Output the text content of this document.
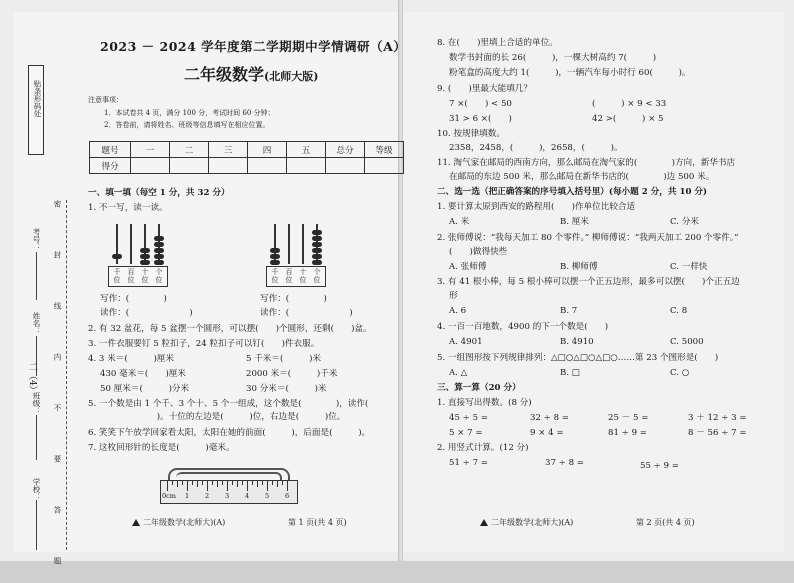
贴条形码处
密　封　线　内　不　要　答　题
考号：
姓名：
班级：
二（4）
学校：
2023 － 2024 学年度第二学期期中学情调研（A）
二年级数学(北师大版)
注意事项：
1．本试卷共 4 页，满分 100 分，考试时间 60 分钟；
2．答卷前，请将姓名、班级等信息填写在相应位置。
题号	一	二	三	四	五	总分	等级
得分							
一、填一填（每空 1 分，共 32 分）
1. 不一写，读一读。
千位
百位
十位
个位
千位
百位
十位
个位
写作：(　　　　)	写作：(　　　　)
读作：(　　　　　　　)	读作：(　　　　　　　)
2. 有 32 盆花，每 5 盆摆一个圆形，可以摆(　　)个圆形，还剩(　　)盆。
3. 一件衣服要钉 5 粒扣子，24 粒扣子可以钉(　　)件衣服。
4. 3 米＝(　　　)厘米	5 千米＝(　　　)米
430 毫米＝(　　)厘米	2000 米＝(　　　)千米
50 厘米＝(　　　)分米	30 分米＝(　　　)米
5. 一个数是由 1 个千、3 个十、5 个一组成，这个数是(　　　　)，读作(
　　　　　　　　)。十位的左边是(　　　)位，右边是(　　　)位。
6. 笑笑下午放学回家看太阳，太阳在她的前面(　　　)，后面是(　　　)。
7. 这枚回形针的长度是(　　　)毫米。
0cm 1 2 3 4 5 6
二年级数学(北师大)(A)	第 1 页(共 4 页)
8. 在(　　)里填上合适的单位。
数学书封面的长 26(　　　)，一棵大树高约 7(　　　)
粉笔盒的高度大约 1(　　　)，一辆汽车每小时行 60(　　　)。
9. (　　)里最大能填几？
7 ×(　　) < 50	(　　　) × 9 < 33
31 > 6 ×(　　)	42 >(　　　) × 5
10. 按规律填数。
2358，2458，(　　　)，2658，(　　　)。
11. 淘气家在邮局的西南方向，那么邮局在淘气家的(　　　　)方向，新华书店
在邮局的东边 500 米，那么邮局在新华书店的(　　　　)边 500 米。
二、选一选（把正确答案的序号填入括号里）(每小题 2 分，共 10 分)
1. 要计算太原到西安的路程用(　　)作单位比较合适
A. 米	B. 厘米	C. 分米
2. 张师傅说：“我每天加工 80 个零件。” 柳师傅说：“我两天加工 200 个零件。”
(　　)做得快些
A. 张师傅	B. 柳师傅	C. 一样快
3. 有 41 根小棒，每 5 根小棒可以摆一个正五边形，最多可以摆(　　)个正五边
形
A. 6	B. 7	C. 8
4. 一百一百地数，4900 的下一个数是(　　)
A. 4901	B. 4910	C. 5000
5. 一组图形按下列规律排列：△□○△□○△□○……第 23 个图形是(　　)
A. △	B. □	C. ○
三、算一算（20 分）
1. 直接写出得数。(8 分)
45 ÷ 5 =	32 ÷ 8 =	25 － 5 =	3 ＋ 12 ÷ 3 =
5 × 7 =	9 × 4 =	81 ÷ 9 =	8 － 56 ÷ 7 =
2. 用竖式计算。(12 分)
51 ÷ 7 =	37 ÷ 8 =	55 ÷ 9 =
二年级数学(北师大)(A)	第 2 页(共 4 页)
